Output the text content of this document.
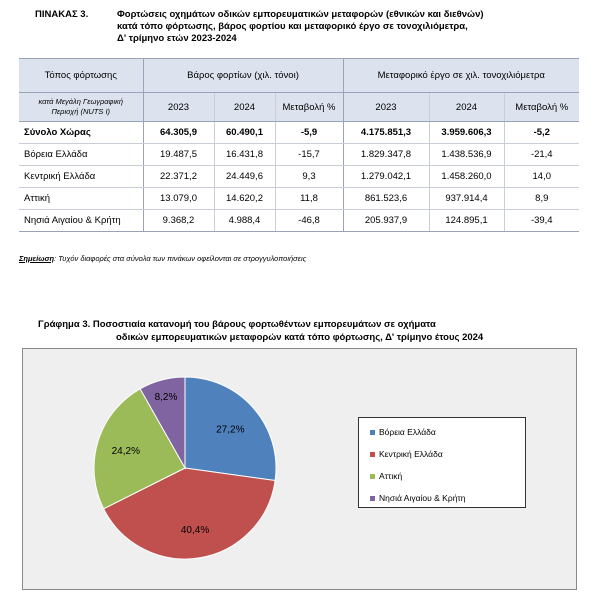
ΠΙΝΑΚΑΣ 3.	Φορτώσεις οχημάτων οδικών εμπορευματικών μεταφορών (εθνικών και διεθνών)
κατά τόπο φόρτωσης, βάρος φορτίου και μεταφορικό έργο σε τονοχιλιόμετρα,
Δ' τρίμηνο ετών 2023-2024
Τόπος φόρτωσης	Βάρος φορτίων (χιλ. τόνοι)			Μεταφορικό έργο σε χιλ. τονοχιλιόμετρα		
κατά Μεγάλη Γεωγραφική Περιοχή (NUTS I)	2023	2024	Μεταβολή %	2023	2024	Μεταβολή %
Σύνολο Χώρας	64.305,9	60.490,1	-5,9	4.175.851,3	3.959.606,3	-5,2
Βόρεια Ελλάδα	19.487,5	16.431,8	-15,7	1.829.347,8	1.438.536,9	-21,4
Κεντρική Ελλάδα	22.371,2	24.449,6	9,3	1.279.042,1	1.458.260,0	14,0
Αττική	13.079,0	14.620,2	11,8	861.523,6	937.914,4	8,9
Νησιά Αιγαίου & Κρήτη	9.368,2	4.988,4	-46,8	205.937,9	124.895,1	-39,4
Σημείωση: Τυχόν διαφορές στα σύνολα των πινάκων οφείλονται σε στρογγυλοποιήσεις
Γράφημα 3. Ποσοστιαία κατανομή του βάρους φορτωθέντων εμπορευμάτων σε οχήματα
οδικών εμπορευματικών μεταφορών κατά τόπο φόρτωσης, Δ' τρίμηνο έτους 2024
27,2%
40,4%
24,2%
8,2%
Βόρεια Ελλάδα
Κεντρική Ελλάδα
Αττική
Νησιά Αιγαίου & Κρήτη
